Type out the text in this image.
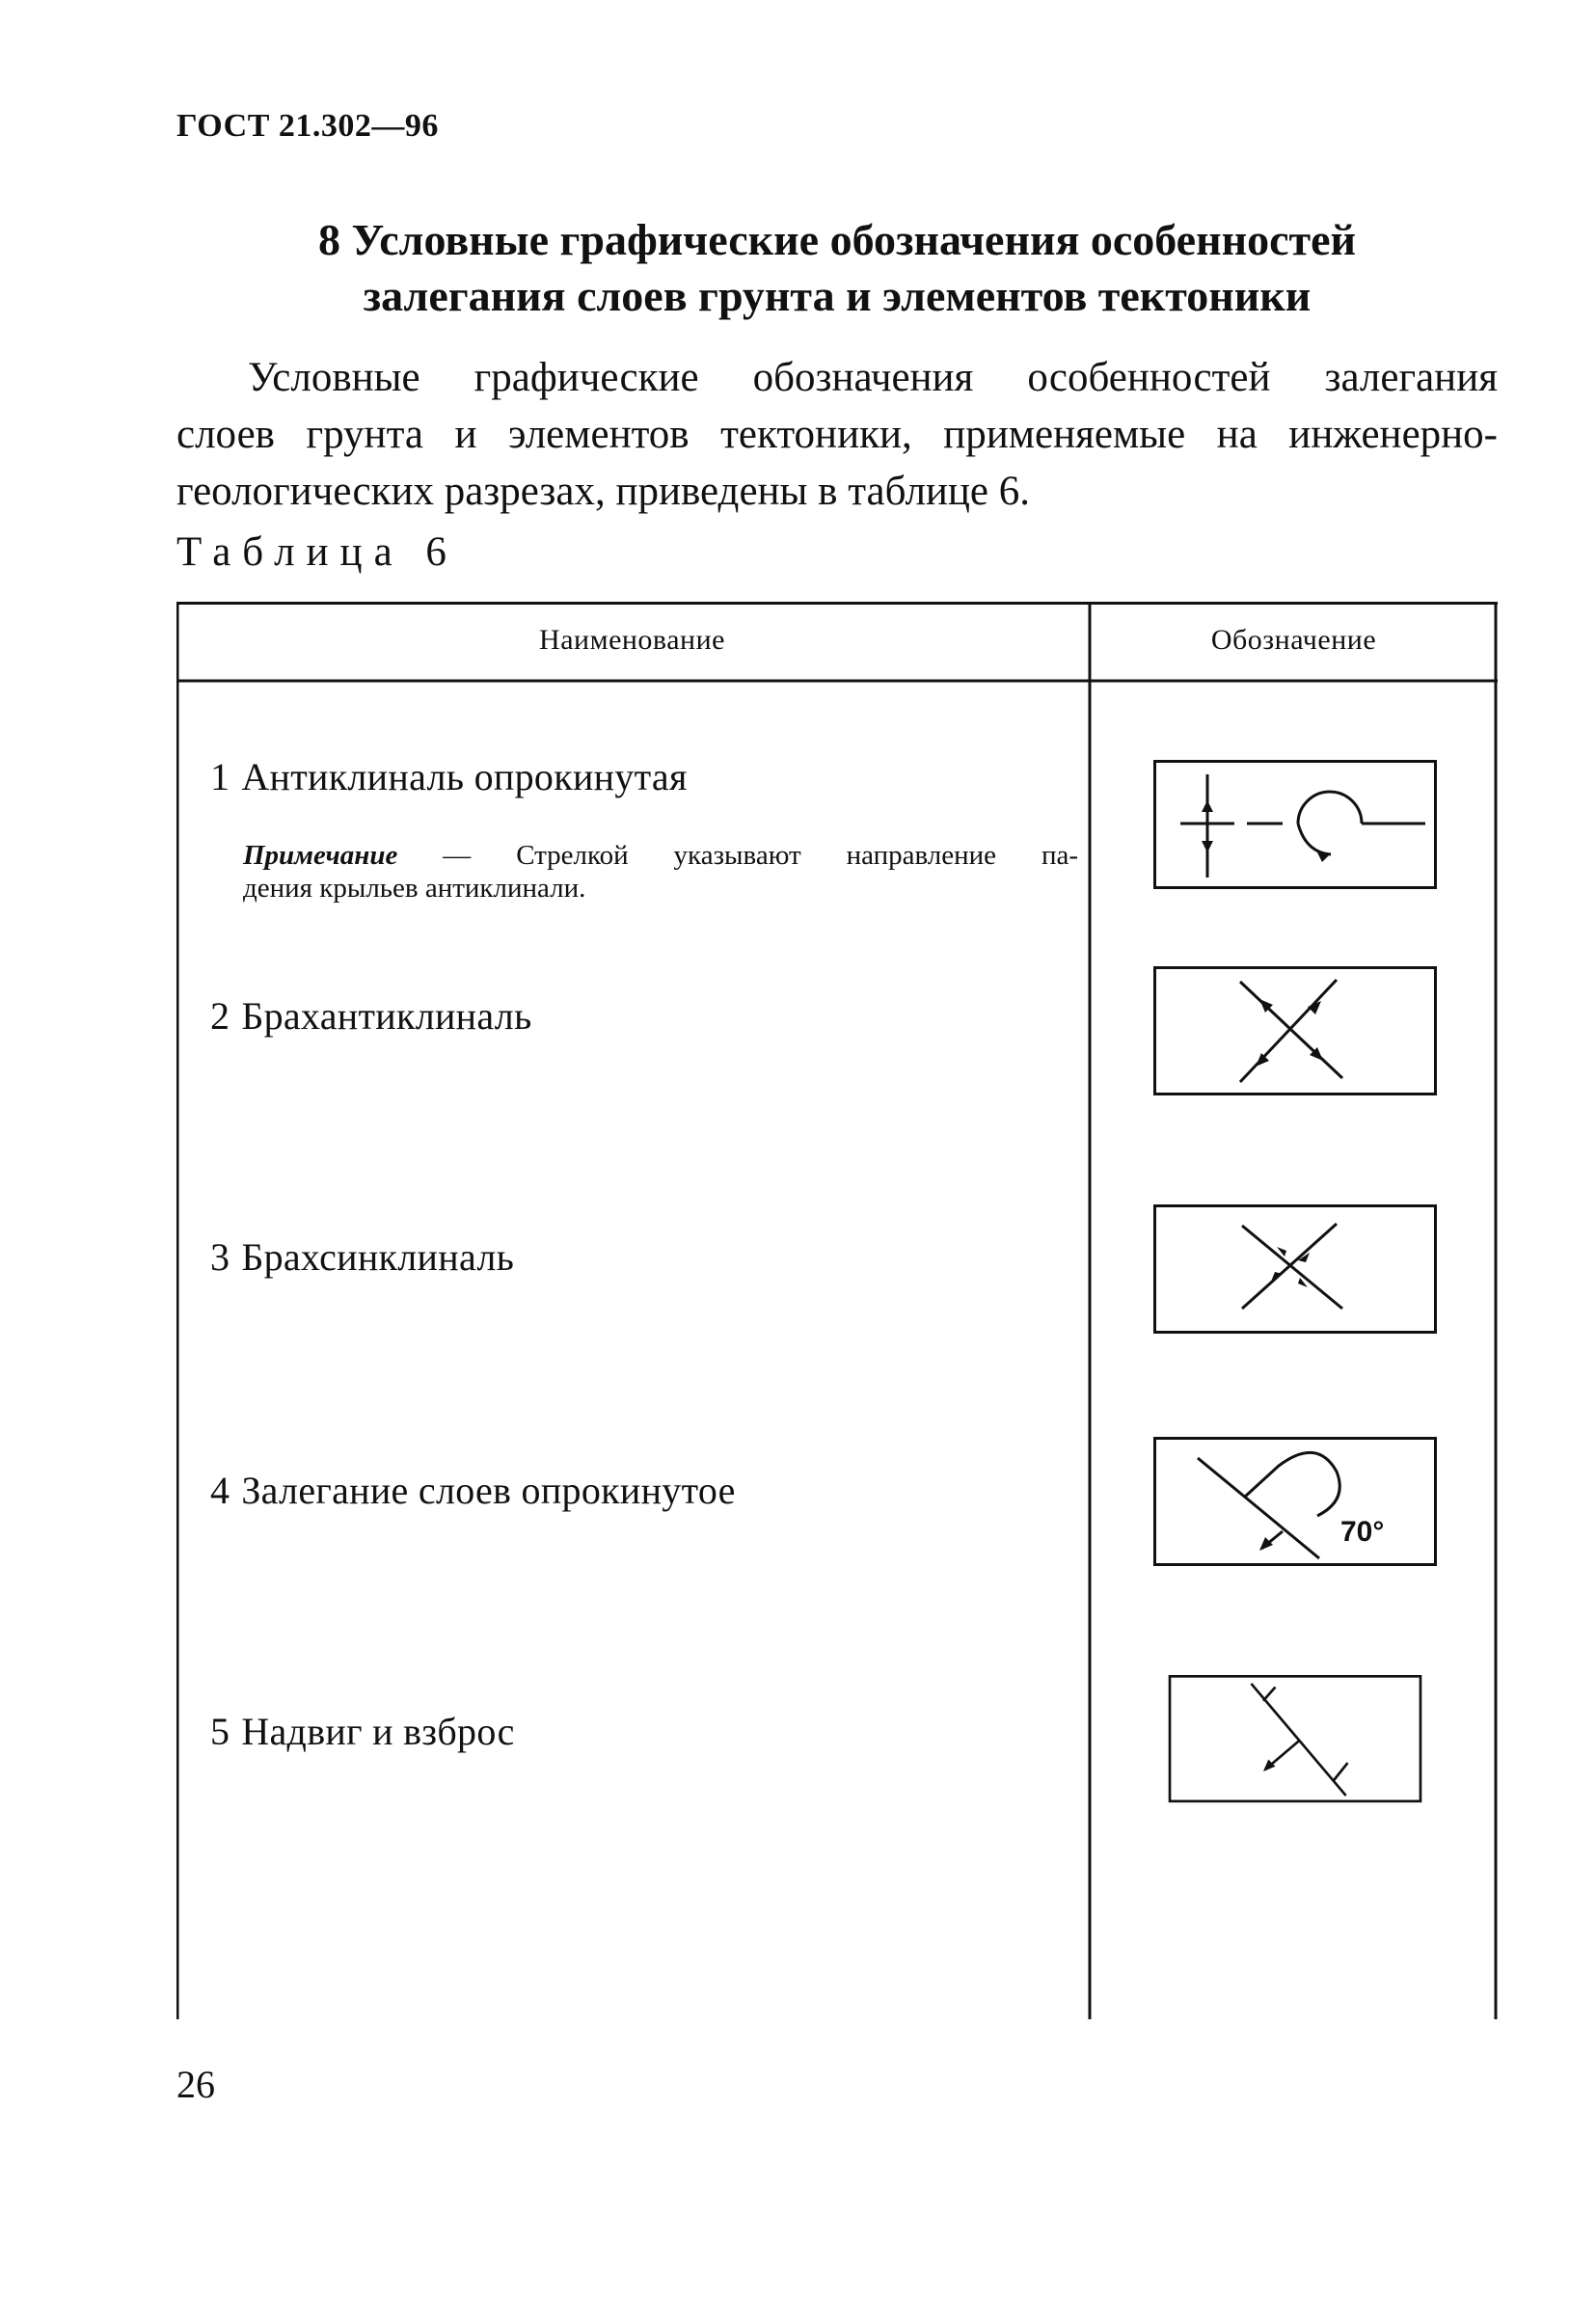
ГОСТ 21.302—96
8 Условные графические обозначения особенностей
залегания слоев грунта и элементов тектоники
Условные графические обозначения особенностей залегания
слоев грунта и элементов тектоники, применяемые на инженерно-
геологических разрезах, приведены в таблице 6.
Таблица 6
Наименование	Обозначение
1 Антиклиналь опрокинутая
Примечание — Стрелкой указывают направление па-
дения крыльев антиклинали.
2 Брахантиклиналь
3 Брахсинклиналь
4 Залегание слоев опрокинутое
70°
5 Надвиг и взброс
26
